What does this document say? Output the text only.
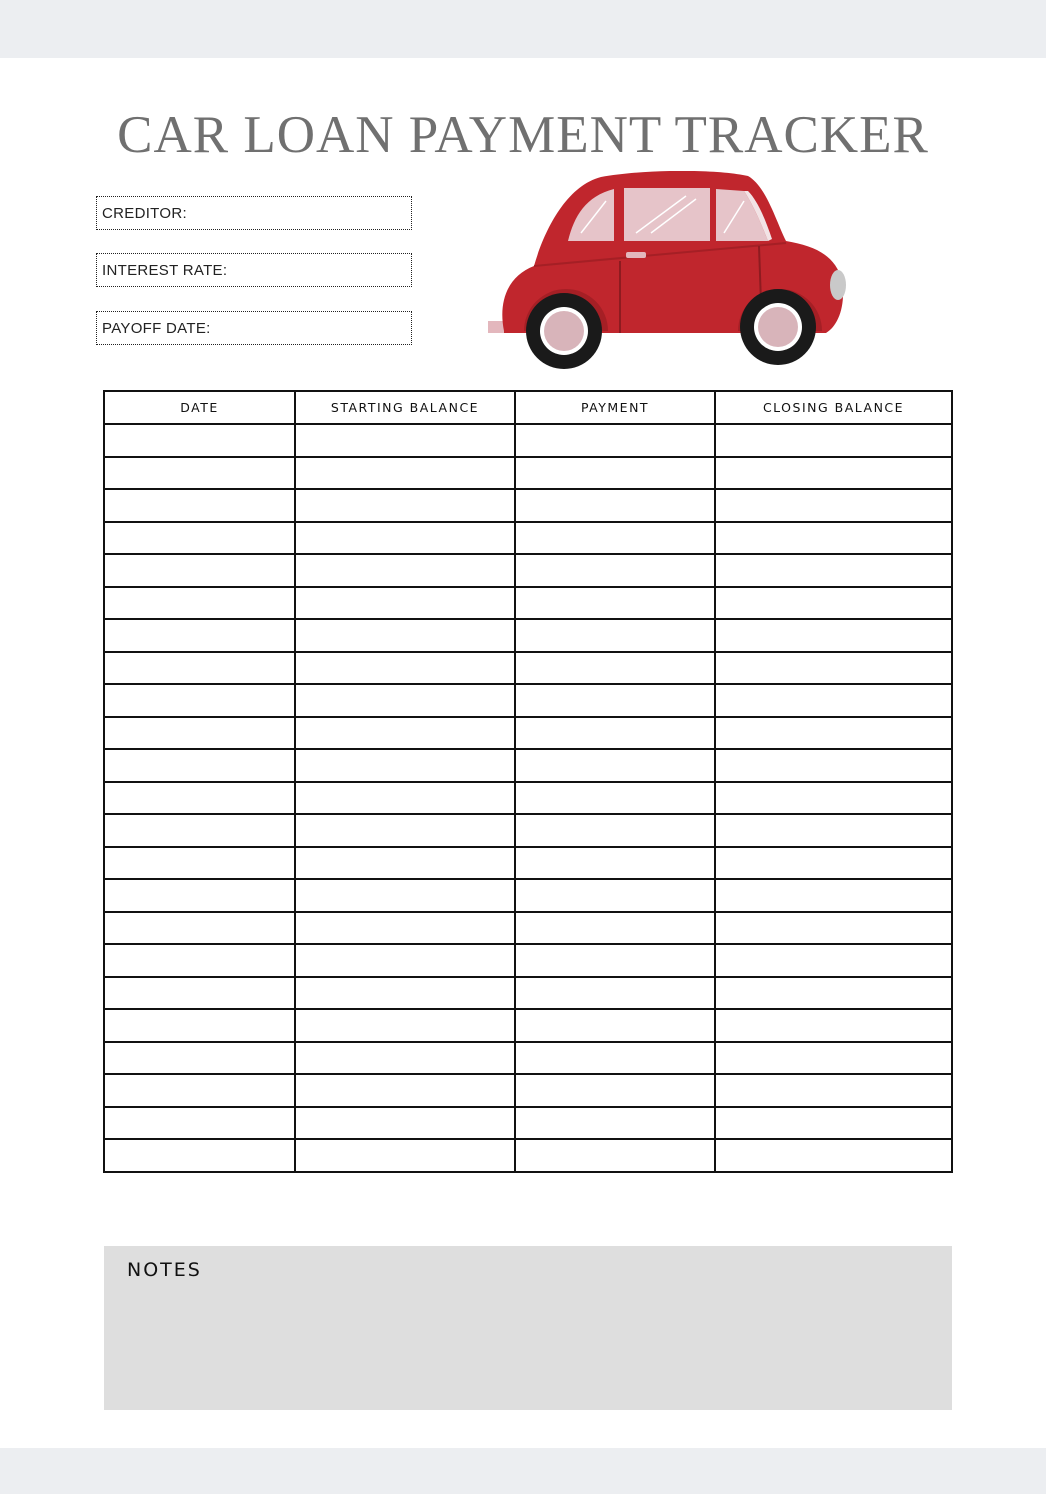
CAR LOAN PAYMENT TRACKER
CREDITOR:
INTEREST RATE:
PAYOFF DATE:
DATE	STARTING BALANCE	PAYMENT	CLOSING BALANCE

NOTES
